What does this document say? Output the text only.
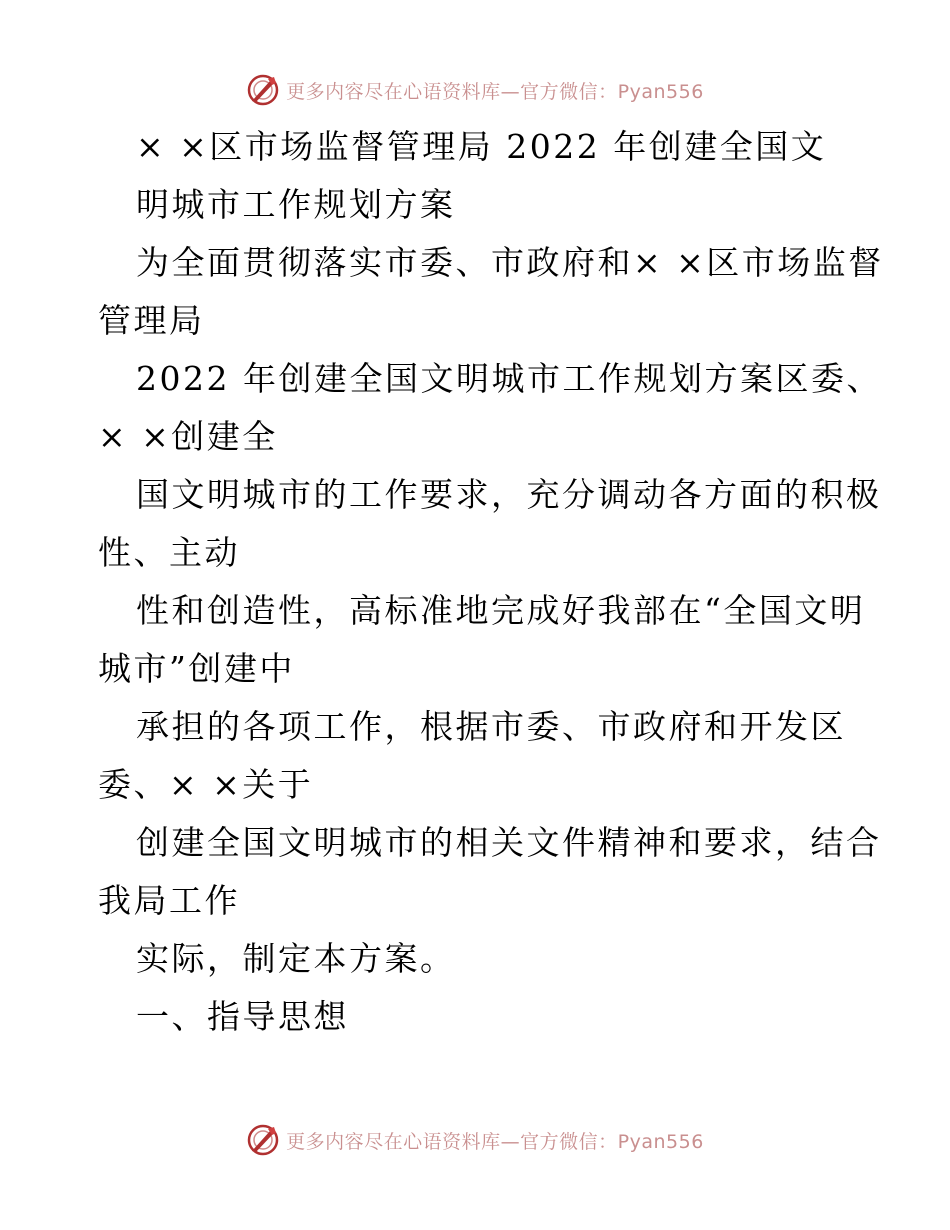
更多内容尽在心语资料库—官方微信：Pyan556
× ×区市场监督管理局 2022 年创建全国文
明城市工作规划方案
为全面贯彻落实市委、市政府和× ×区市场监督
管理局
2022 年创建全国文明城市工作规划方案区委、
× ×创建全
国文明城市的工作要求，充分调动各方面的积极
性、主动
性和创造性，高标准地完成好我部在“全国文明
城市”创建中
承担的各项工作，根据市委、市政府和开发区
委、× ×关于
创建全国文明城市的相关文件精神和要求，结合
我局工作
实际，制定本方案。
一、指导思想
更多内容尽在心语资料库—官方微信：Pyan556
